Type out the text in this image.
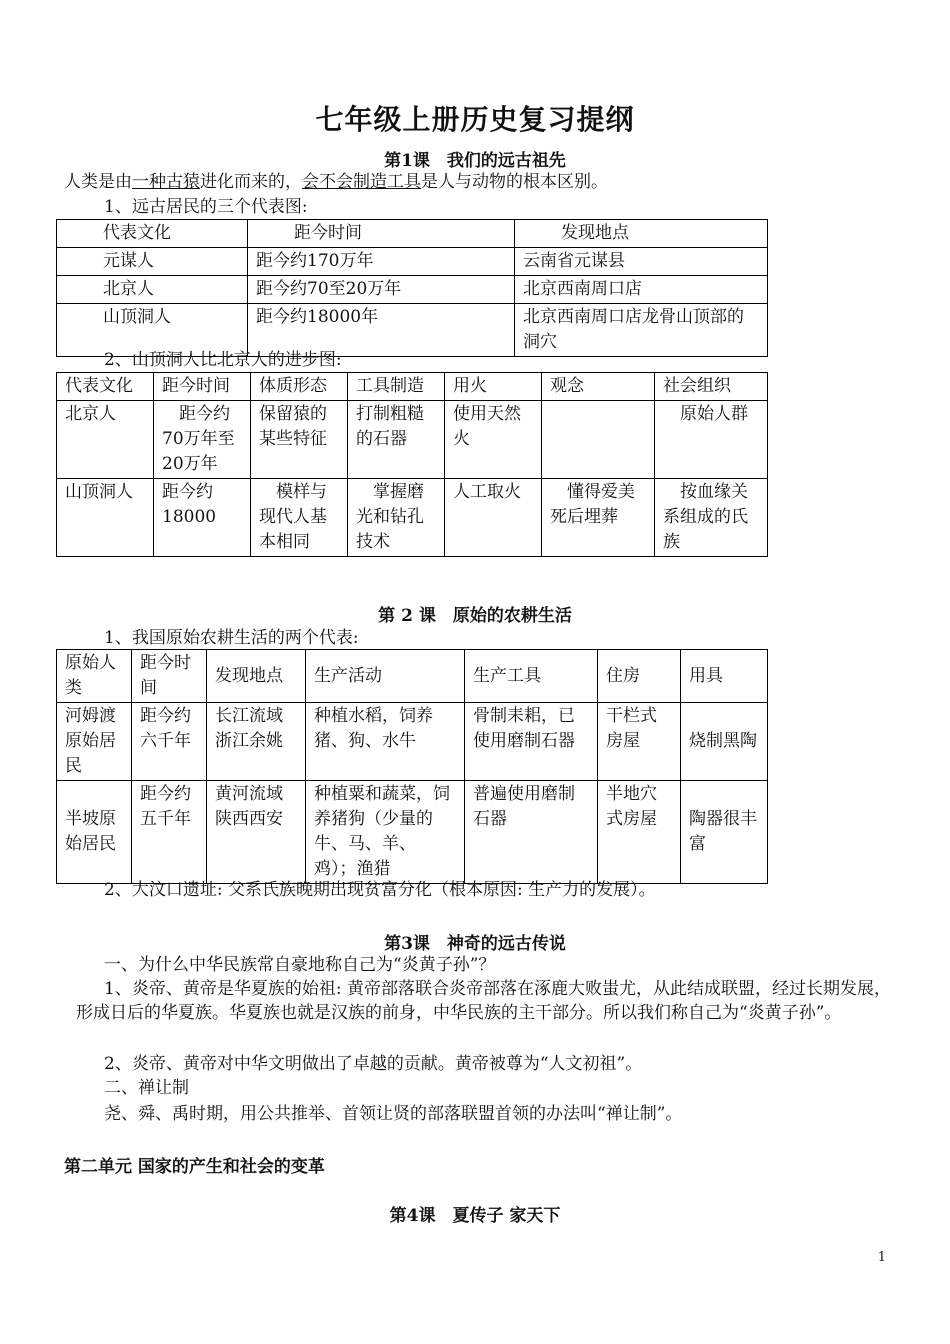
七年级上册历史复习提纲
第1课　我们的远古祖先
人类是由一种古猿进化而来的，会不会制造工具是人与动物的根本区别。
1、远古居民的三个代表图:
代表文化	距今时间	发现地点
元谋人	距今约170万年	云南省元谋县
北京人	距今约70至20万年	北京西南周口店
山顶洞人	距今约18000年	北京西南周口店龙骨山顶部的洞穴
2、山顶洞人比北京人的进步图:
代表文化	距今时间	体质形态	工具制造	用火	观念	社会组织
北京人	　距今约70万年至20万年	保留猿的某些特征	打制粗糙的石器	使用天然火		　原始人群
山顶洞人	距今约18000	　模样与现代人基本相同	　掌握磨光和钻孔技术	人工取火	　懂得爱美死后埋葬	　按血缘关系组成的氏族
第 2 课　原始的农耕生活
1、我国原始农耕生活的两个代表:
原始人类	距今时间	发现地点	生产活动	生产工具	住房	用具
河姆渡原始居民	距今约六千年	长江流域浙江余姚	种植水稻，饲养猪、狗、水牛	骨制耒耜，已使用磨制石器	干栏式房屋	烧制黑陶
半坡原始居民	距今约五千年	黄河流域陕西西安	种植粟和蔬菜，饲养猪狗（少量的牛、马、羊、鸡）；渔猎	普遍使用磨制石器	半地穴式房屋	陶器很丰富
2、大汶口遗址: 父系氏族晚期出现贫富分化（根本原因: 生产力的发展）。
第3课　神奇的远古传说
一、为什么中华民族常自豪地称自己为“炎黄子孙”？
1、炎帝、黄帝是华夏族的始祖: 黄帝部落联合炎帝部落在涿鹿大败蚩尤，从此结成联盟，经过长期发展，形成日后的华夏族。华夏族也就是汉族的前身，中华民族的主干部分。所以我们称自己为“炎黄子孙”。
2、炎帝、黄帝对中华文明做出了卓越的贡献。黄帝被尊为“人文初祖”。
二、禅让制
尧、舜、禹时期，用公共推举、首领让贤的部落联盟首领的办法叫“禅让制”。
第二单元 国家的产生和社会的变革
第4课　夏传子 家天下
1
